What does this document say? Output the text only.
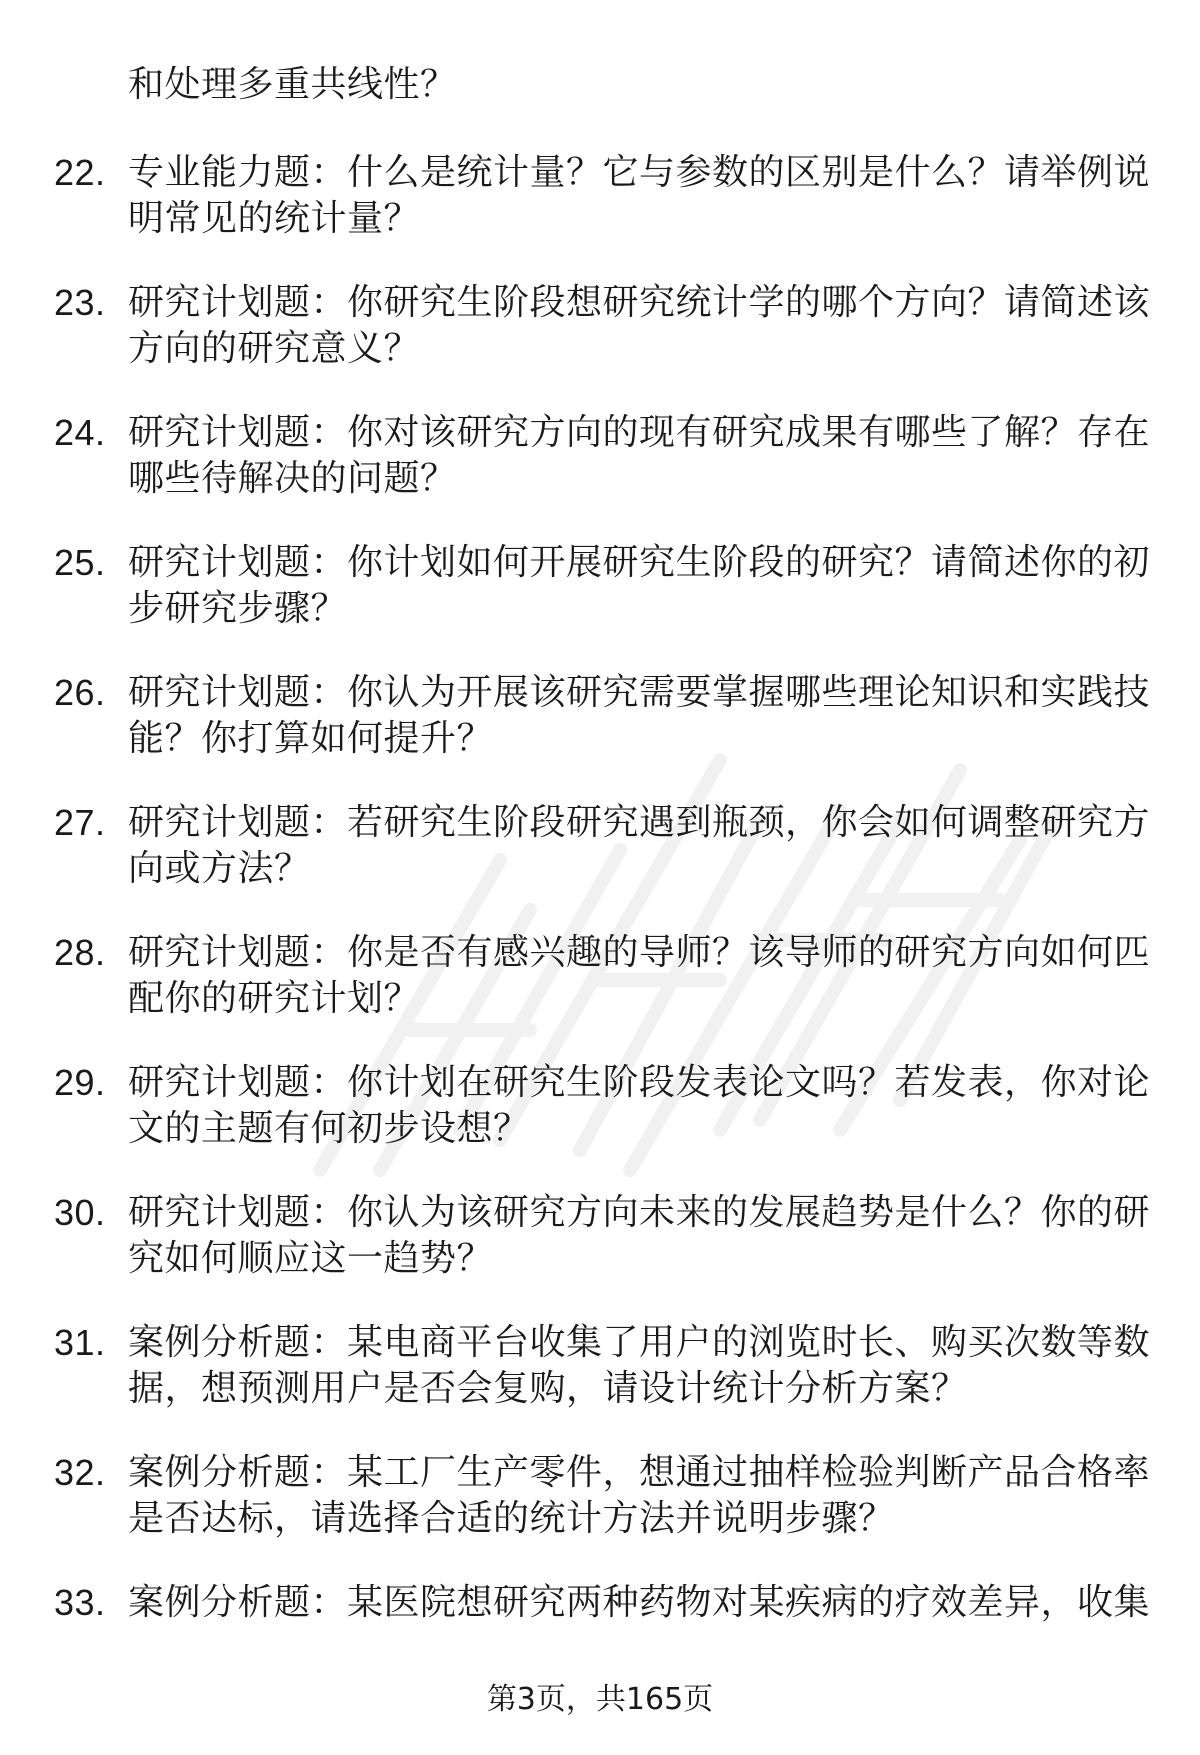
和处理多重共线性？
22. 专业能力题：什么是统计量？它与参数的区别是什么？请举例说
明常见的统计量？
23. 研究计划题：你研究生阶段想研究统计学的哪个方向？请简述该
方向的研究意义？
24. 研究计划题：你对该研究方向的现有研究成果有哪些了解？存在
哪些待解决的问题？
25. 研究计划题：你计划如何开展研究生阶段的研究？请简述你的初
步研究步骤？
26. 研究计划题：你认为开展该研究需要掌握哪些理论知识和实践技
能？你打算如何提升？
27. 研究计划题：若研究生阶段研究遇到瓶颈，你会如何调整研究方
向或方法？
28. 研究计划题：你是否有感兴趣的导师？该导师的研究方向如何匹
配你的研究计划？
29. 研究计划题：你计划在研究生阶段发表论文吗？若发表，你对论
文的主题有何初步设想？
30. 研究计划题：你认为该研究方向未来的发展趋势是什么？你的研
究如何顺应这一趋势？
31. 案例分析题：某电商平台收集了用户的浏览时长、购买次数等数
据，想预测用户是否会复购，请设计统计分析方案？
32. 案例分析题：某工厂生产零件，想通过抽样检验判断产品合格率
是否达标，请选择合适的统计方法并说明步骤？
33. 案例分析题：某医院想研究两种药物对某疾病的疗效差异，收集
第3页，共165页
